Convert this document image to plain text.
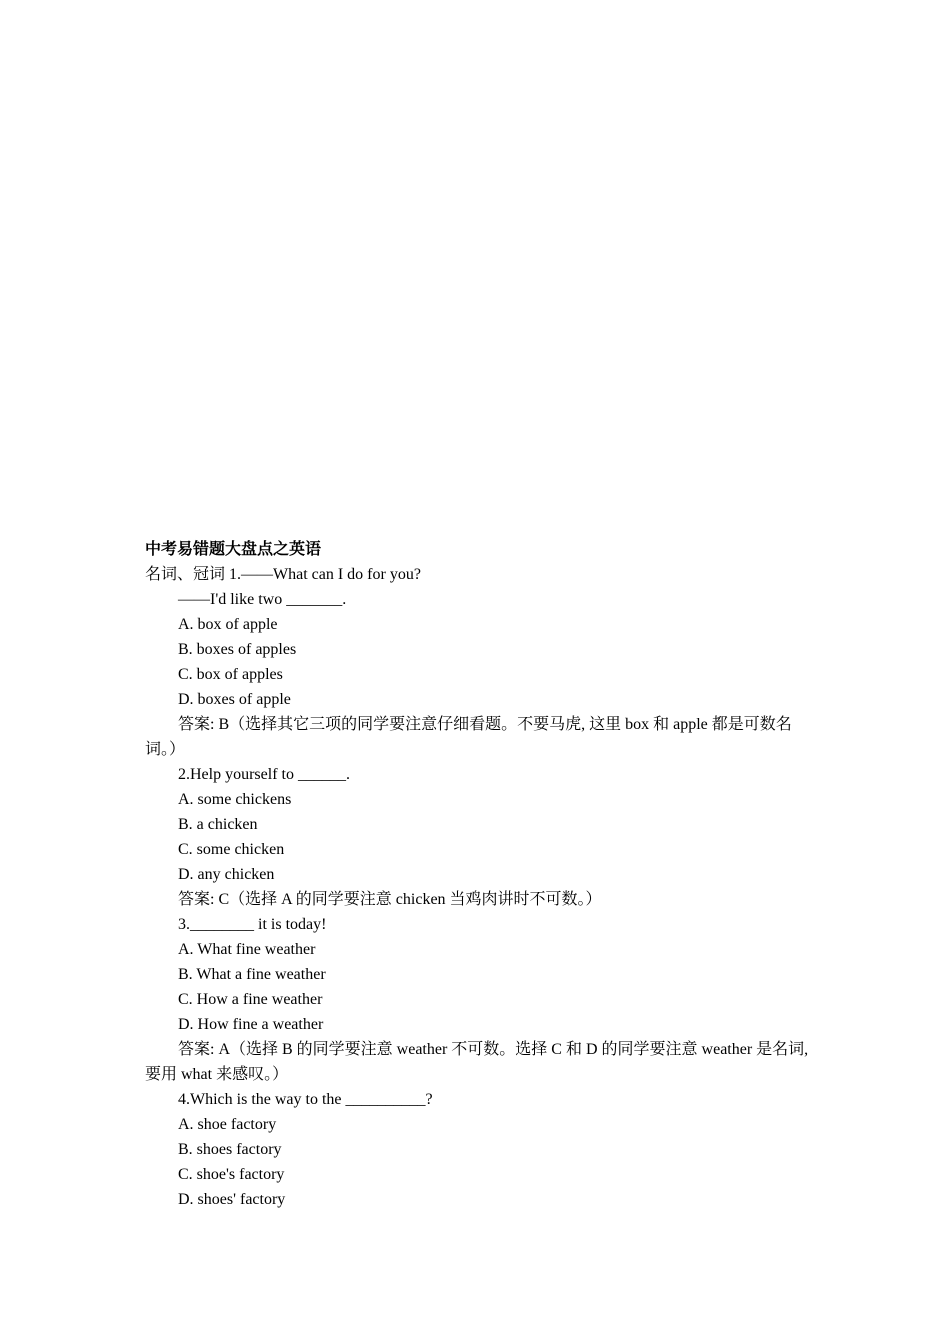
中考易错题大盘点之英语

名词、冠词 1.——What can I do for you?

——I'd like two _______.

A. box of apple

B. boxes of apples

C. box of apples

D. boxes of apple

答案: B（选择其它三项的同学要注意仔细看题。不要马虎, 这里 box 和 apple 都是可数名词。）

2.Help yourself to ______.

A. some chickens

B. a chicken

C. some chicken

D. any chicken

答案: C（选择 A 的同学要注意 chicken 当鸡肉讲时不可数。）

3.________ it is today!

A. What fine weather

B. What a fine weather

C. How a fine weather

D. How fine a weather

答案: A（选择 B 的同学要注意 weather 不可数。选择 C 和 D 的同学要注意 weather 是名词, 要用 what 来感叹。）

4.Which is the way to the __________?

A. shoe factory

B. shoes factory

C. shoe's factory

D. shoes' factory
